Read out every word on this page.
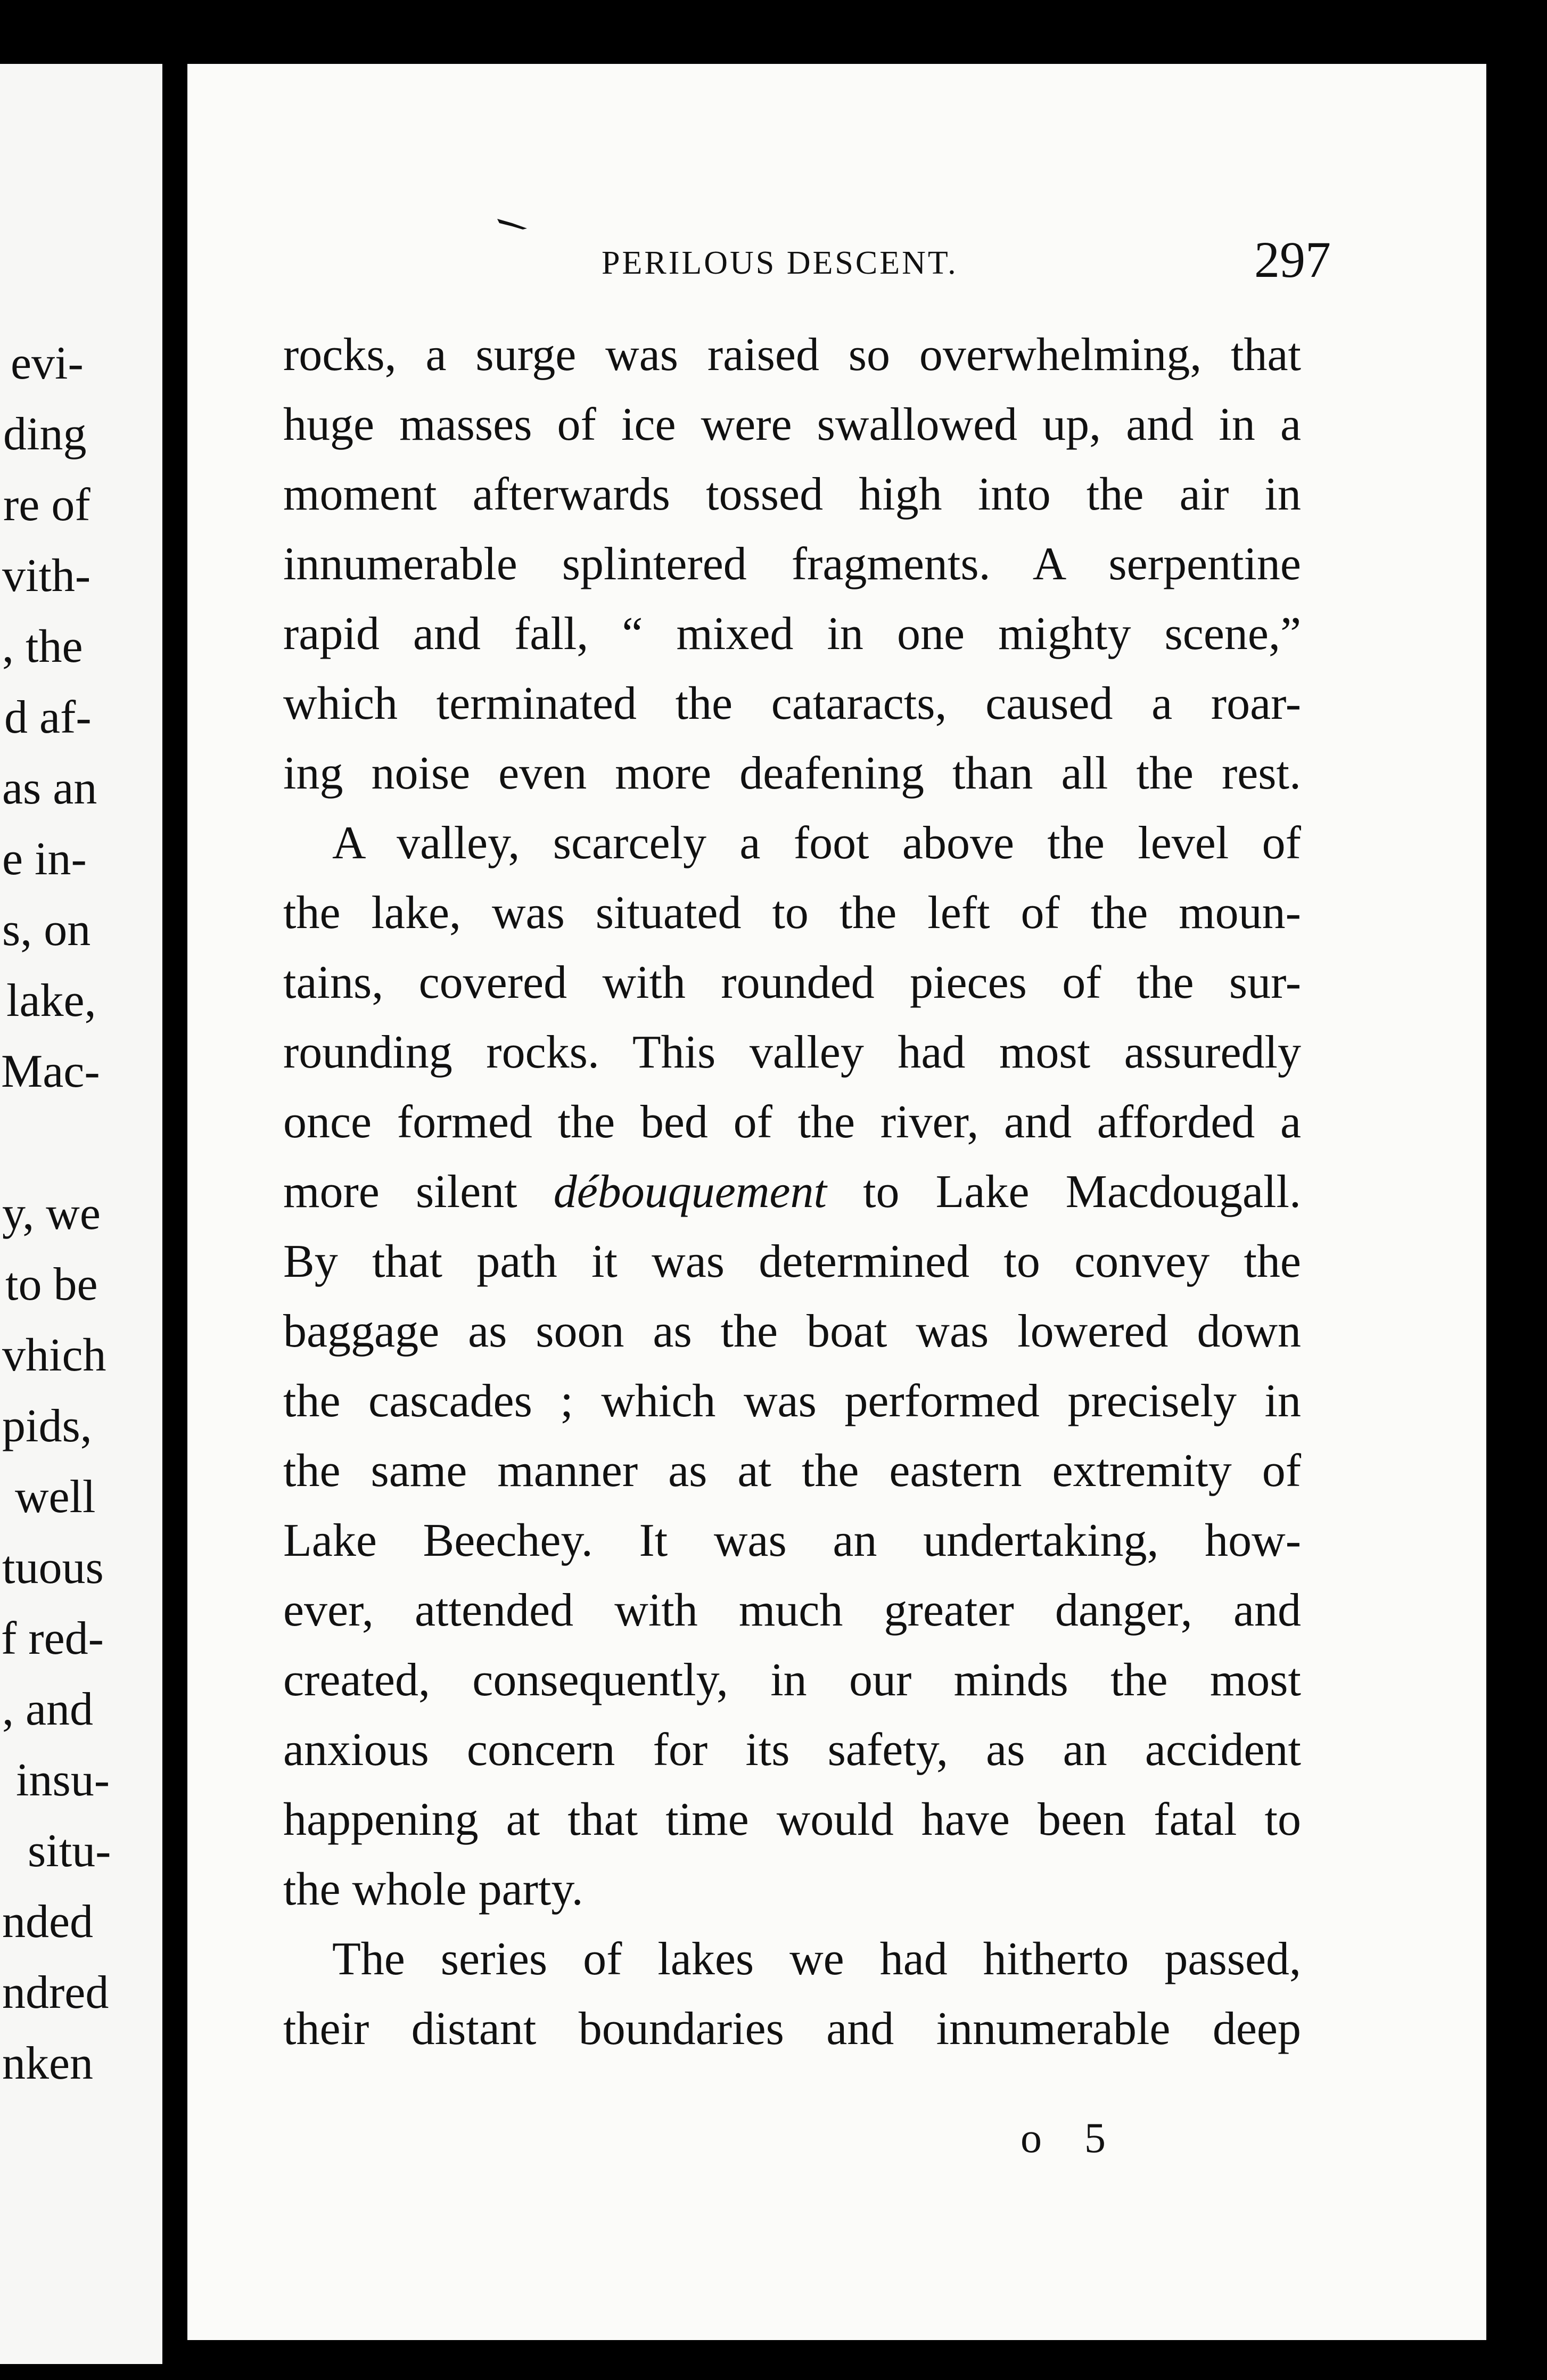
evi-
ding
re of
vith-
, the
d af-
as an
e in-
s, on
lake,
Mac-
y, we
to be
vhich
pids,
well
tuous
f red-
, and
insu-
situ-
nded
ndred
nken
PERILOUS DESCENT.	297
rocks, a surge was raised so overwhelming, that
huge masses of ice were swallowed up, and in a
moment afterwards tossed high into the air in
innumerable splintered fragments. A serpentine
rapid and fall, “ mixed in one mighty scene,”
which terminated the cataracts, caused a roar-
ing noise even more deafening than all the rest.
A valley, scarcely a foot above the level of
the lake, was situated to the left of the moun-
tains, covered with rounded pieces of the sur-
rounding rocks. This valley had most assuredly
once formed the bed of the river, and afforded a
more silent débouquement to Lake Macdougall.
By that path it was determined to convey the
baggage as soon as the boat was lowered down
the cascades ; which was performed precisely in
the same manner as at the eastern extremity of
Lake Beechey. It was an undertaking, how-
ever, attended with much greater danger, and
created, consequently, in our minds the most
anxious concern for its safety, as an accident
happening at that time would have been fatal to
the whole party.
The series of lakes we had hitherto passed,
their distant boundaries and innumerable deep
o 5
